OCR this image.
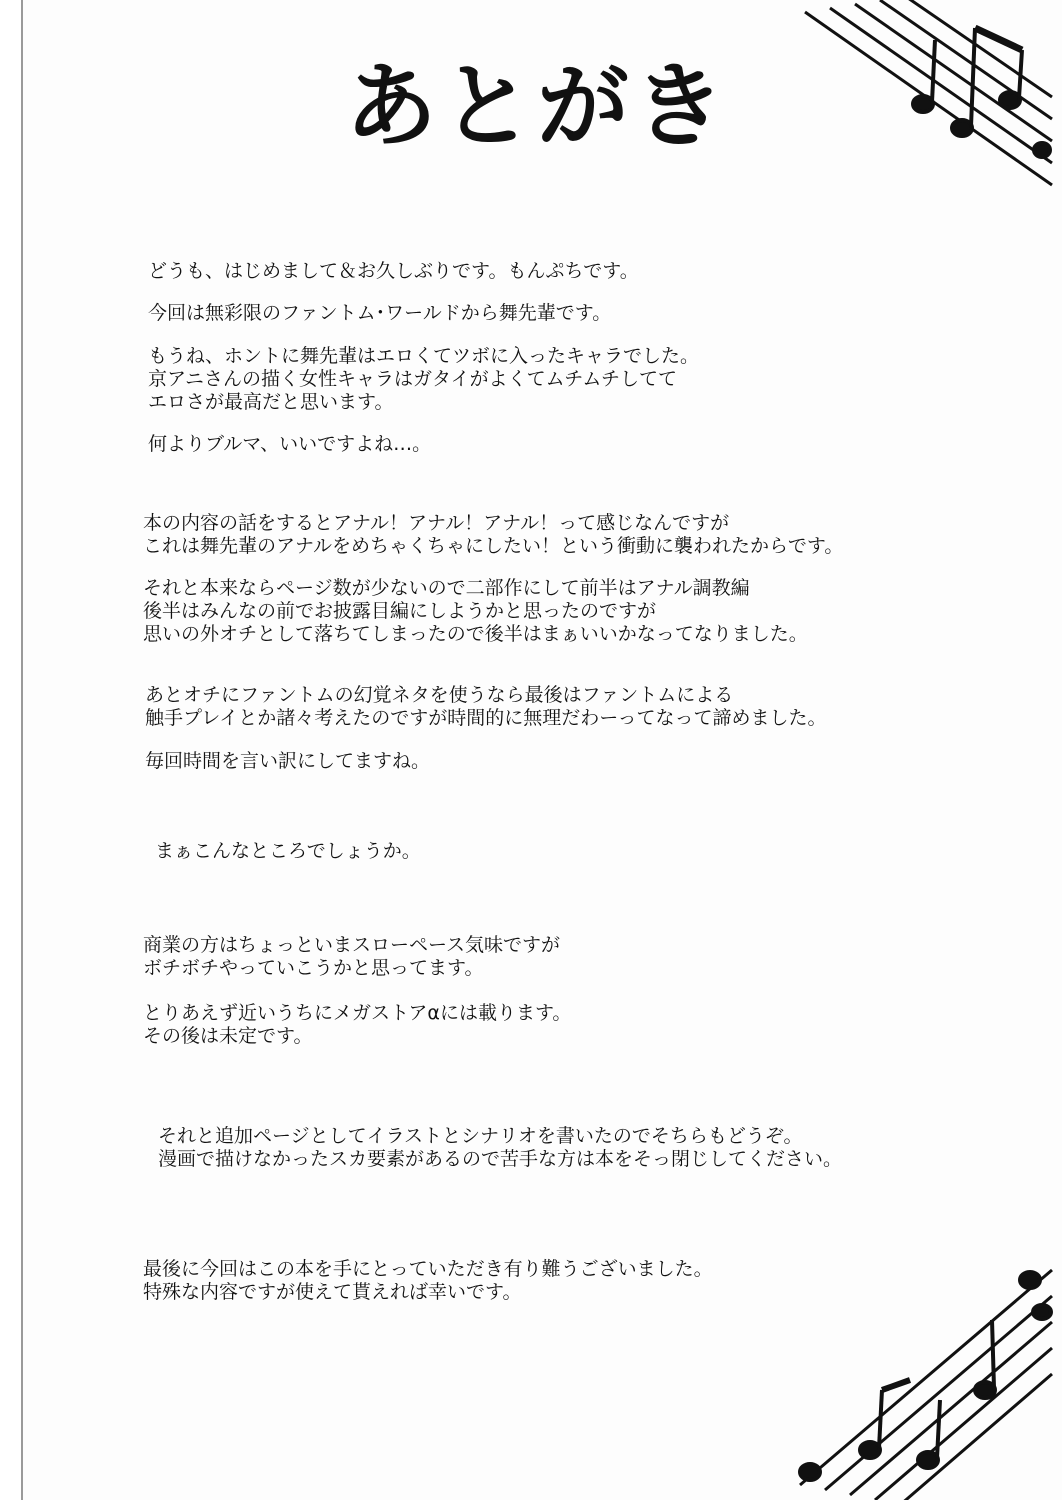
あとがき
どうも、はじめまして＆お久しぶりです。もんぷちです。
今回は無彩限のファントム･ワールドから舞先輩です。
もうね、ホントに舞先輩はエロくてツボに入ったキャラでした。
京アニさんの描く女性キャラはガタイがよくてムチムチしてて
エロさが最高だと思います。
何よりブルマ、いいですよね…。
本の内容の話をするとアナル！アナル！アナル！って感じなんですが
これは舞先輩のアナルをめちゃくちゃにしたい！という衝動に襲われたからです。
それと本来ならページ数が少ないので二部作にして前半はアナル調教編
後半はみんなの前でお披露目編にしようかと思ったのですが
思いの外オチとして落ちてしまったので後半はまぁいいかなってなりました。
あとオチにファントムの幻覚ネタを使うなら最後はファントムによる
触手プレイとか諸々考えたのですが時間的に無理だわーってなって諦めました。
毎回時間を言い訳にしてますね。
まぁこんなところでしょうか。
商業の方はちょっといまスローペース気味ですが
ボチボチやっていこうかと思ってます。
とりあえず近いうちにメガストアαには載ります。
その後は未定です。
それと追加ページとしてイラストとシナリオを書いたのでそちらもどうぞ。
漫画で描けなかったスカ要素があるので苦手な方は本をそっ閉じしてください。
最後に今回はこの本を手にとっていただき有り難うございました。
特殊な内容ですが使えて貰えれば幸いです。
